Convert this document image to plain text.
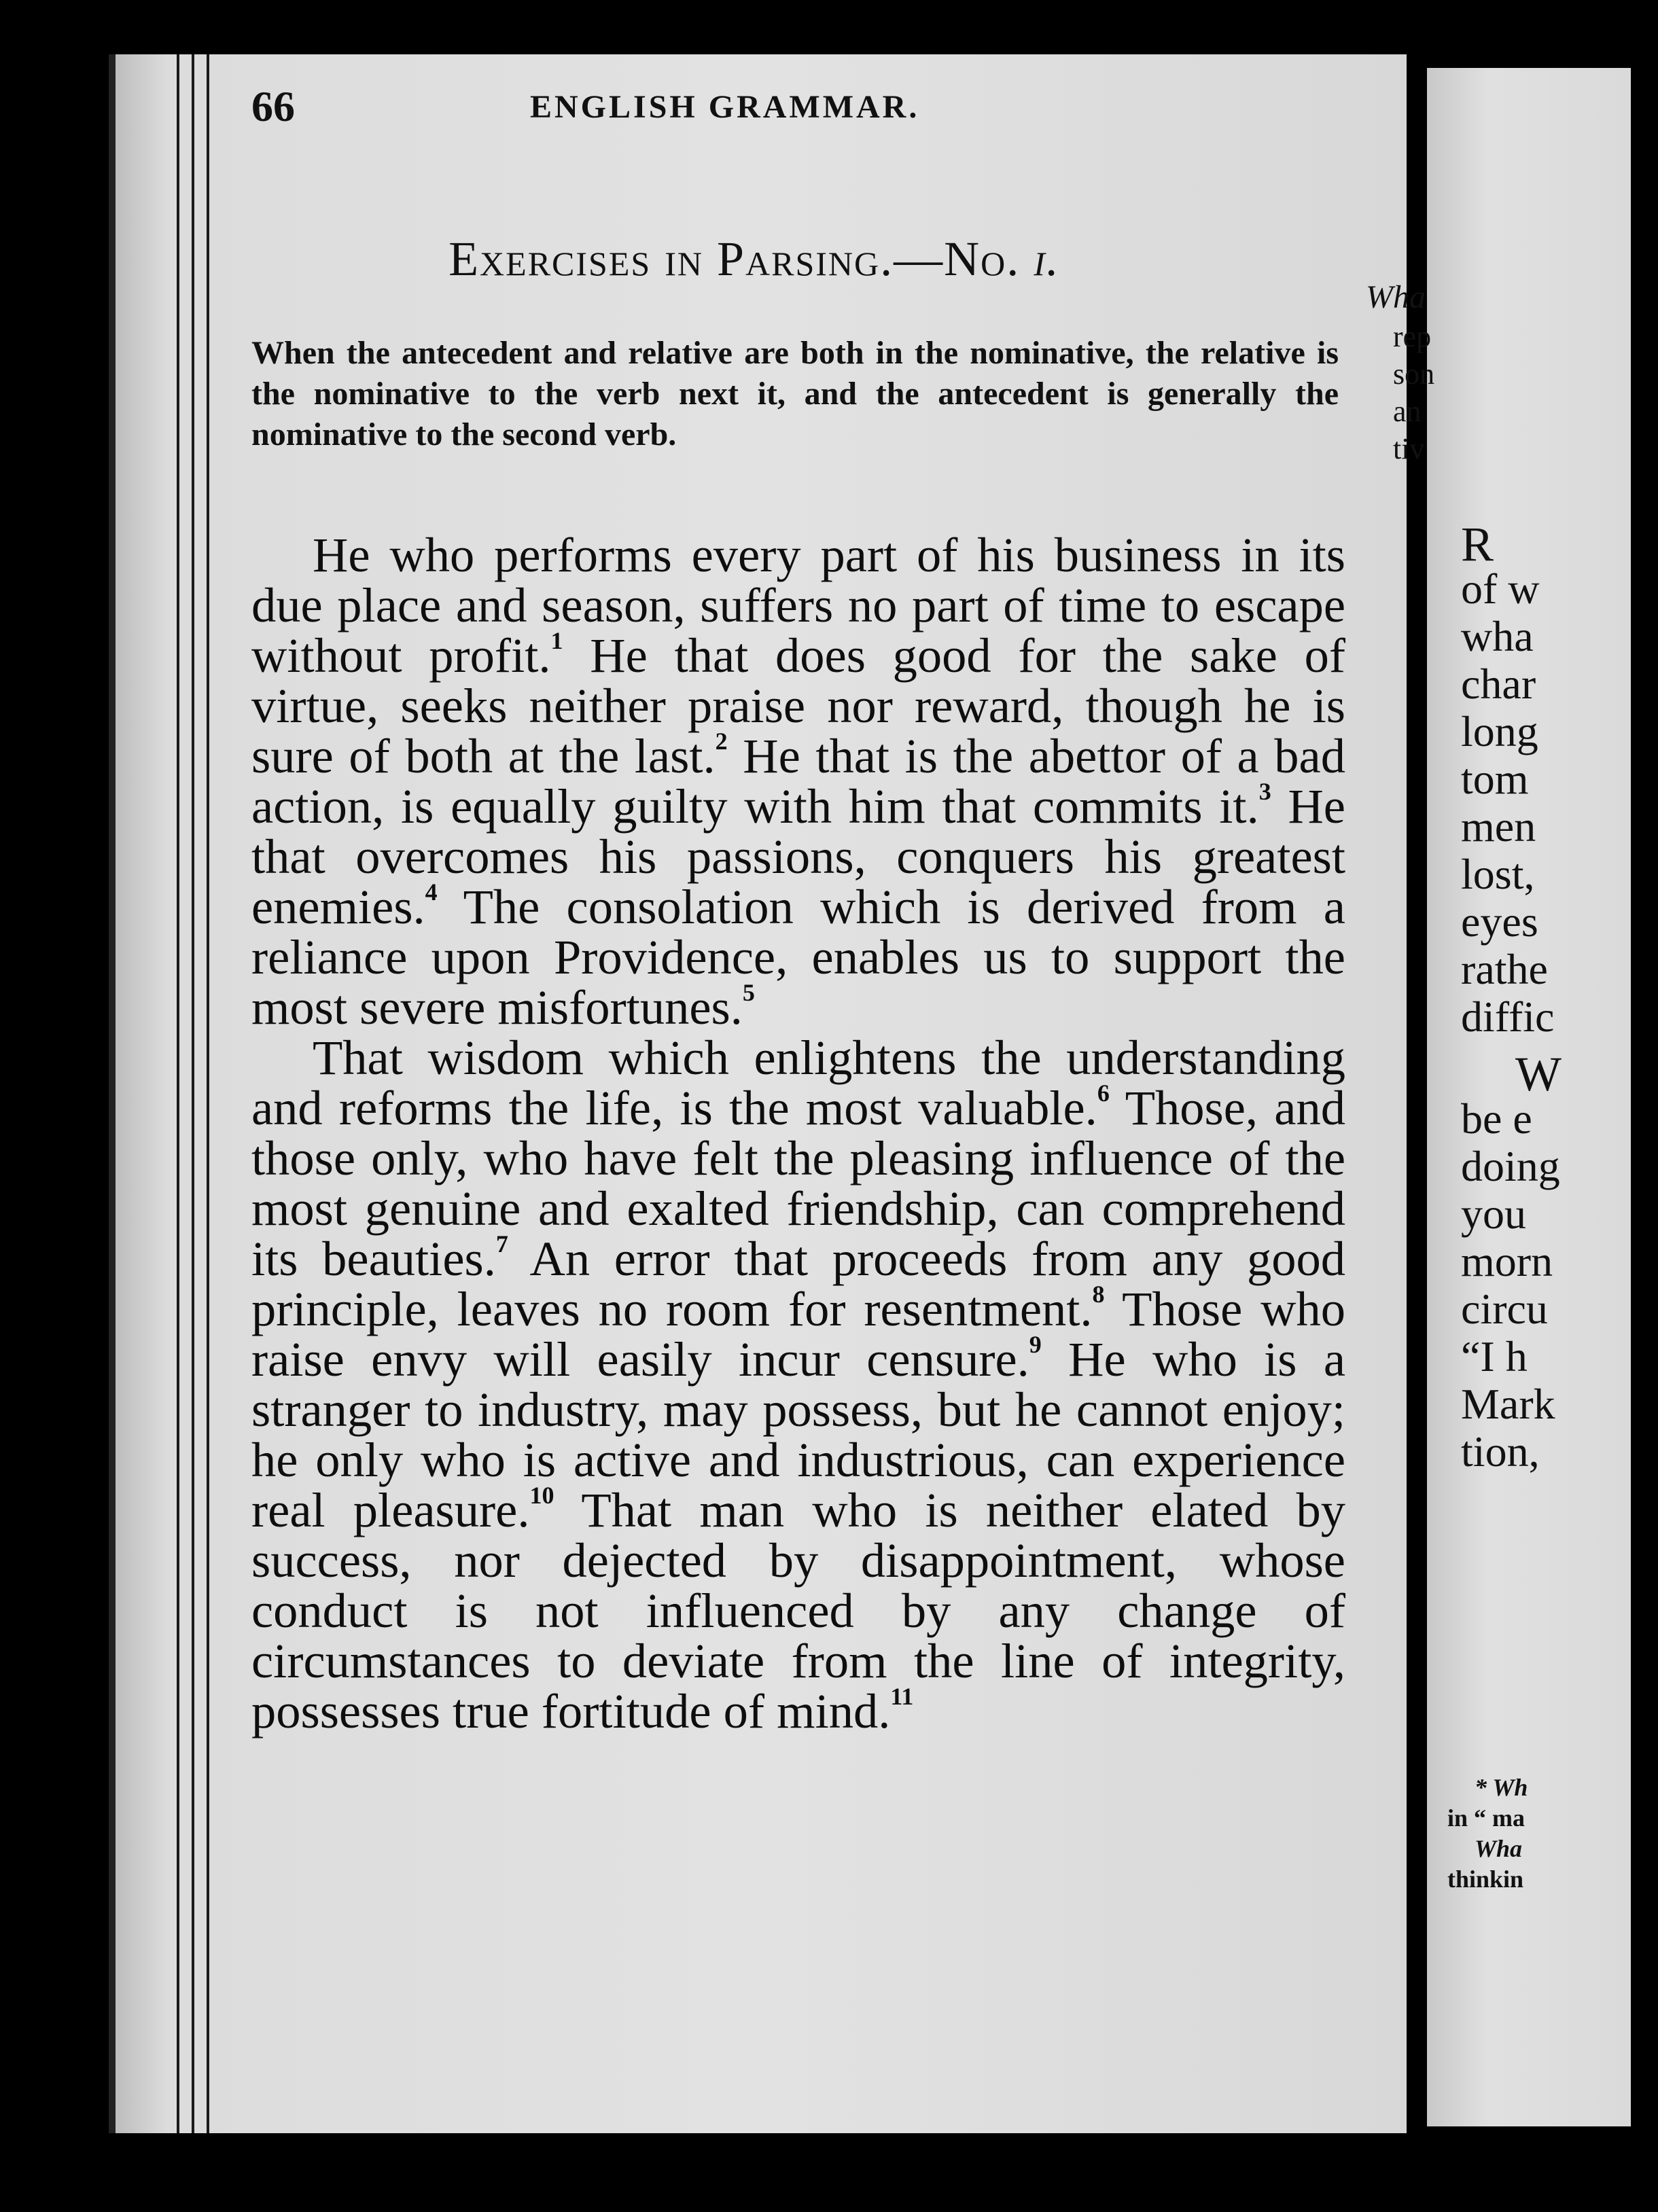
Wha
rep
son
an
tiv
R
of w
wha
char
long
tom
men
lost,
eyes
rathe
diffic
W
be e
doing
you
morn
circu
“I h
Mark
tion,
* Wh
in “ ma
Wha
thinkin
66	ENGLISH GRAMMAR.
Exercises in Parsing.—No. i.
When the antecedent and relative are both in the nominative, the relative is the nominative to the verb next it, and the antecedent is generally the nominative to the second verb.

He who performs every part of his business in its due place and season, suffers no part of time to escape without profit.$^1$ He that does good for the sake of virtue, seeks neither praise nor reward, though he is sure of both at the last.$^2$ He that is the abettor of a bad action, is equally guilty with him that commits it.$^3$ He that overcomes his passions, conquers his greatest enemies.$^4$ The consolation which is derived from a reliance upon Providence, enables us to support the most severe misfortunes.$^5$

That wisdom which enlightens the understanding and reforms the life, is the most valuable.$^6$ Those, and those only, who have felt the pleasing influence of the most genuine and exalted friendship, can comprehend its beauties.$^7$ An error that proceeds from any good principle, leaves no room for resentment.$^8$ Those who raise envy will easily incur censure.$^9$ He who is a stranger to industry, may possess, but he cannot enjoy; he only who is active and industrious, can experience real pleasure.$^{10}$ That man who is neither elated by success, nor dejected by disappointment, whose conduct is not influenced by any change of circumstances to deviate from the line of integrity, possesses true fortitude of mind.$^{11}$
